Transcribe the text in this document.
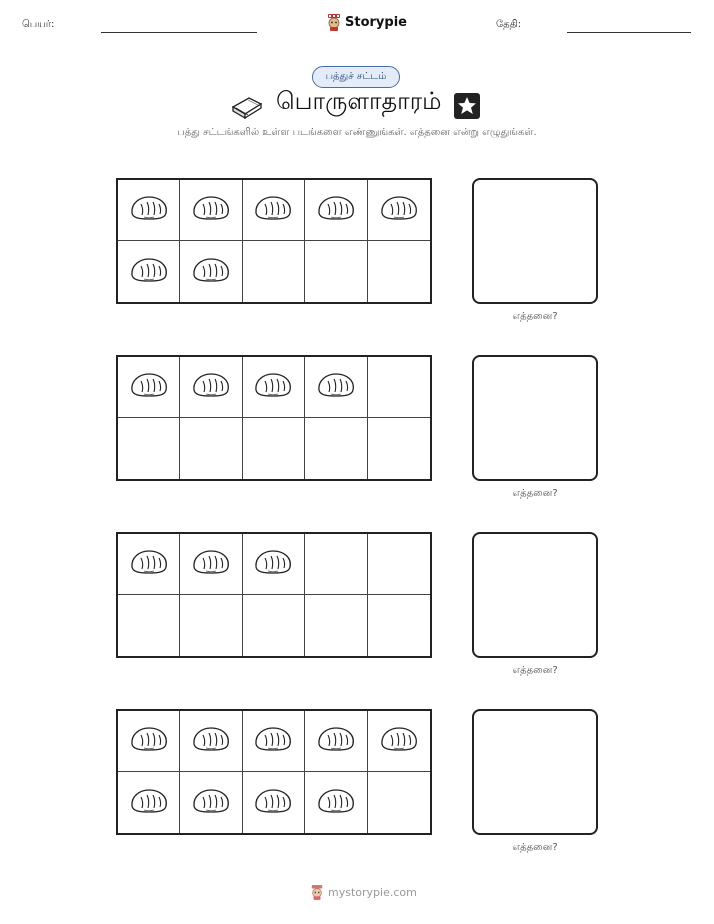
பெயர்:	Storypie	தேதி:
பத்துச் சட்டம்
பொருளாதாரம்
பத்து சட்டங்களில் உள்ள படங்களை எண்ணுங்கள். எத்தனை என்று எழுதுங்கள்.
எத்தனை?
எத்தனை?
எத்தனை?
எத்தனை?
mystorypie.com
